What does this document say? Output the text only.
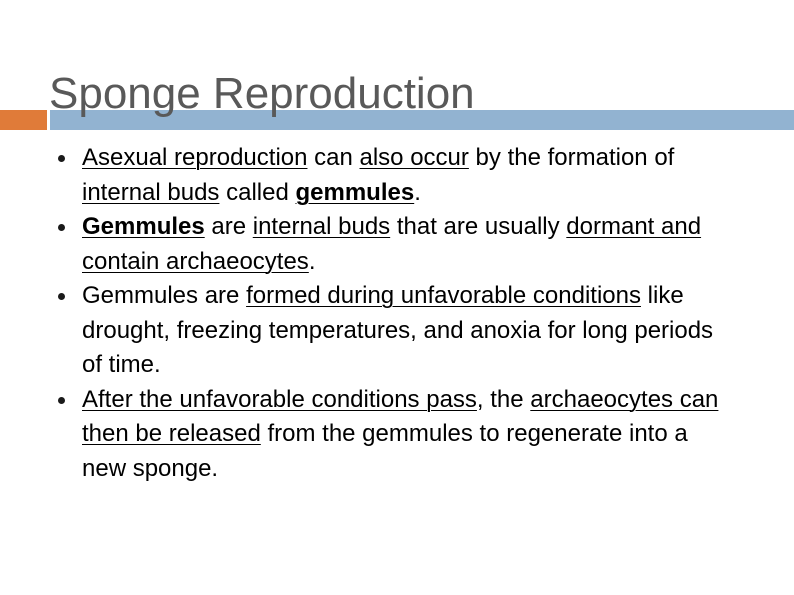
Sponge Reproduction
Asexual reproduction can also occur by the formation of internal buds called gemmules.
Gemmules are internal buds that are usually dormant and contain archaeocytes.
Gemmules are formed during unfavorable conditions like drought, freezing temperatures, and anoxia for long periods of time.
After the unfavorable conditions pass, the archaeocytes can then be released from the gemmules to regenerate into a new sponge.
